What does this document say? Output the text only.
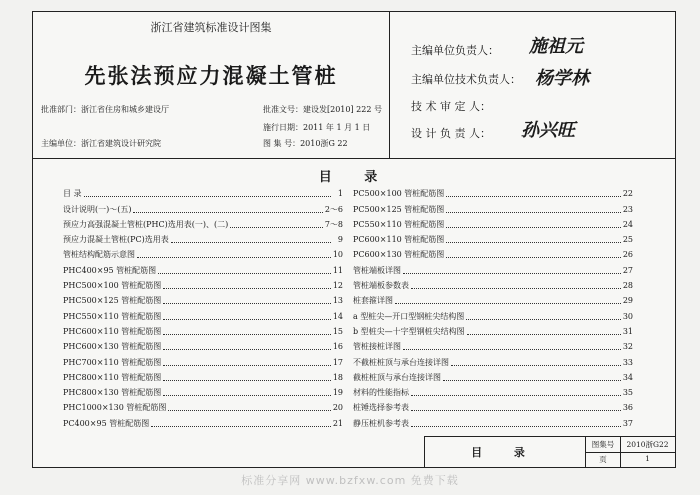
浙江省建筑标准设计图集
先张法预应力混凝土管桩
批准部门：浙江省住房和城乡建设厅	批准文号：建设发[2010] 222 号
施行日期：2011 年 1 月 1 日
主编单位：浙江省建筑设计研究院	图 集 号：2010浙G 22
主编单位负责人： 施祖元
主编单位技术负责人： 杨学林
技 术 审 定 人：
设 计 负 责 人： 孙兴旺
目 录
目 录	1
设计说明(一)～(五)	2～6
预应力高强混凝土管桩(PHC)选用表(一)、(二)	7～8
预应力混凝土管桩(PC)选用表	9
管桩结构配筋示意图	10
PHC400×95 管桩配筋图	11
PHC500×100 管桩配筋图	12
PHC500×125 管桩配筋图	13
PHC550×110 管桩配筋图	14
PHC600×110 管桩配筋图	15
PHC600×130 管桩配筋图	16
PHC700×110 管桩配筋图	17
PHC800×110 管桩配筋图	18
PHC800×130 管桩配筋图	19
PHC1000×130 管桩配筋图	20
PC400×95 管桩配筋图	21
PC500×100 管桩配筋图	22
PC500×125 管桩配筋图	23
PC550×110 管桩配筋图	24
PC600×110 管桩配筋图	25
PC600×130 管桩配筋图	26
管桩端板详图	27
管桩端板参数表	28
桩套箍详图	29
a 型桩尖—开口型钢桩尖结构图	30
b 型桩尖—十字型钢桩尖结构图	31
管桩接桩详图	32
不截桩桩顶与承台连接详图	33
截桩桩顶与承台连接详图	34
材料的性能指标	35
桩锤选择参考表	36
静压桩机参考表	37
目 录
图集号	2010浙G22
页	1
标准分享网 www.bzfxw.com 免费下载
